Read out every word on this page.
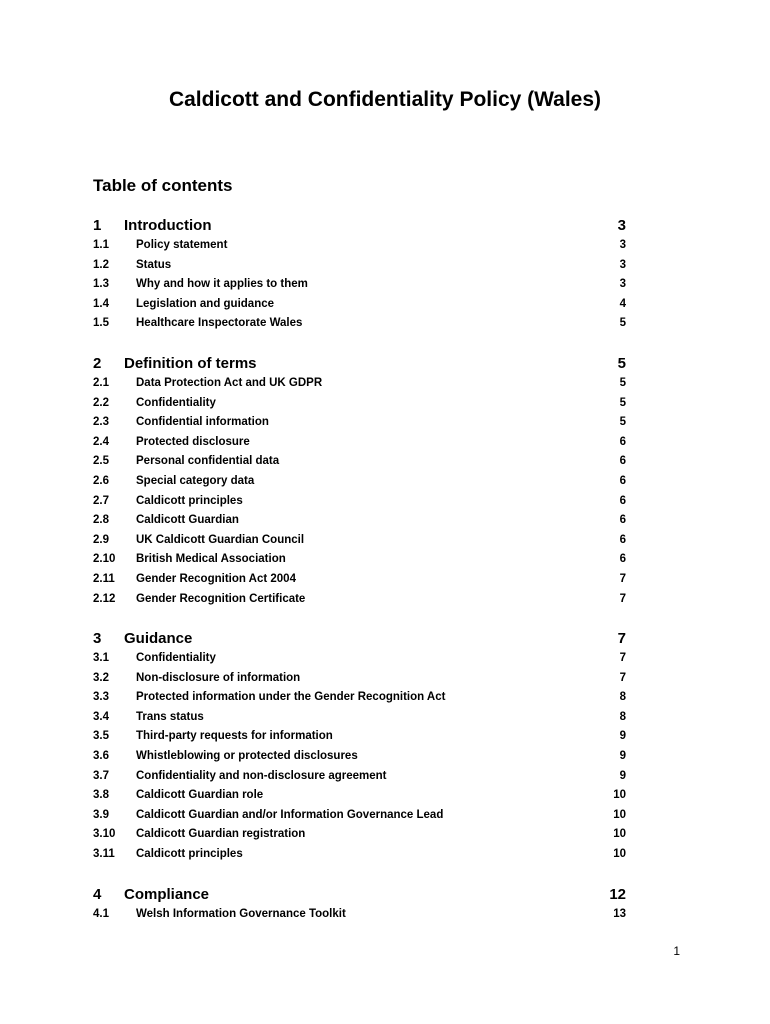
Caldicott and Confidentiality Policy (Wales)
Table of contents
1	Introduction	3
1.1	Policy statement	3
1.2	Status	3
1.3	Why and how it applies to them	3
1.4	Legislation and guidance	4
1.5	Healthcare Inspectorate Wales	5
2	Definition of terms	5
2.1	Data Protection Act and UK GDPR	5
2.2	Confidentiality	5
2.3	Confidential information	5
2.4	Protected disclosure	6
2.5	Personal confidential data	6
2.6	Special category data	6
2.7	Caldicott principles	6
2.8	Caldicott Guardian	6
2.9	UK Caldicott Guardian Council	6
2.10	British Medical Association	6
2.11	Gender Recognition Act 2004	7
2.12	Gender Recognition Certificate	7
3	Guidance	7
3.1	Confidentiality	7
3.2	Non-disclosure of information	7
3.3	Protected information under the Gender Recognition Act	8
3.4	Trans status	8
3.5	Third-party requests for information	9
3.6	Whistleblowing or protected disclosures	9
3.7	Confidentiality and non-disclosure agreement	9
3.8	Caldicott Guardian role	10
3.9	Caldicott Guardian and/or Information Governance Lead	10
3.10	Caldicott Guardian registration	10
3.11	Caldicott principles	10
4	Compliance	12
4.1	Welsh Information Governance Toolkit	13
1
